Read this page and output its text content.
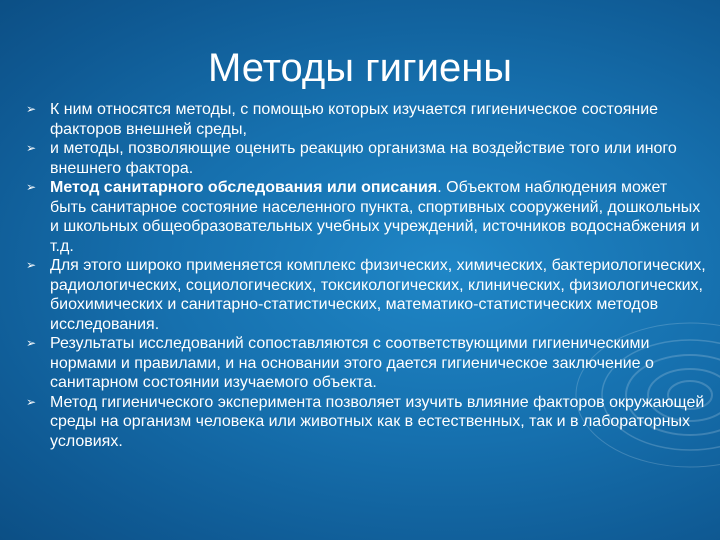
Методы гигиены
➢ К ним относятся методы, с помощью которых изучается гигиеническое состояние факторов внешней среды,
➢ и методы, позволяющие оценить реакцию организма на воздействие того или иного внешнего фактора.
➢ Метод санитарного обследования или описания. Объектом наблюдения может быть санитарное состояние населенного пункта, спортивных сооружений, дошкольных и школьных общеобразовательных учебных учреждений, источников водоснабжения и т.д.
➢ Для этого широко применяется комплекс физических, химических, бактериологических, радиологических, социологических, токсикологических, клинических, физиологических, биохимических и санитарно-статистических, математико-статистических методов исследования.
➢ Результаты исследований сопоставляются с соответствующими гигиеническими нормами и правилами, и на основании этого дается гигиеническое заключение о санитарном состоянии изучаемого объекта.
➢ Метод гигиенического эксперимента позволяет изучить влияние факторов окружающей среды на организм человека или животных как в естественных, так и в лабораторных условиях.
